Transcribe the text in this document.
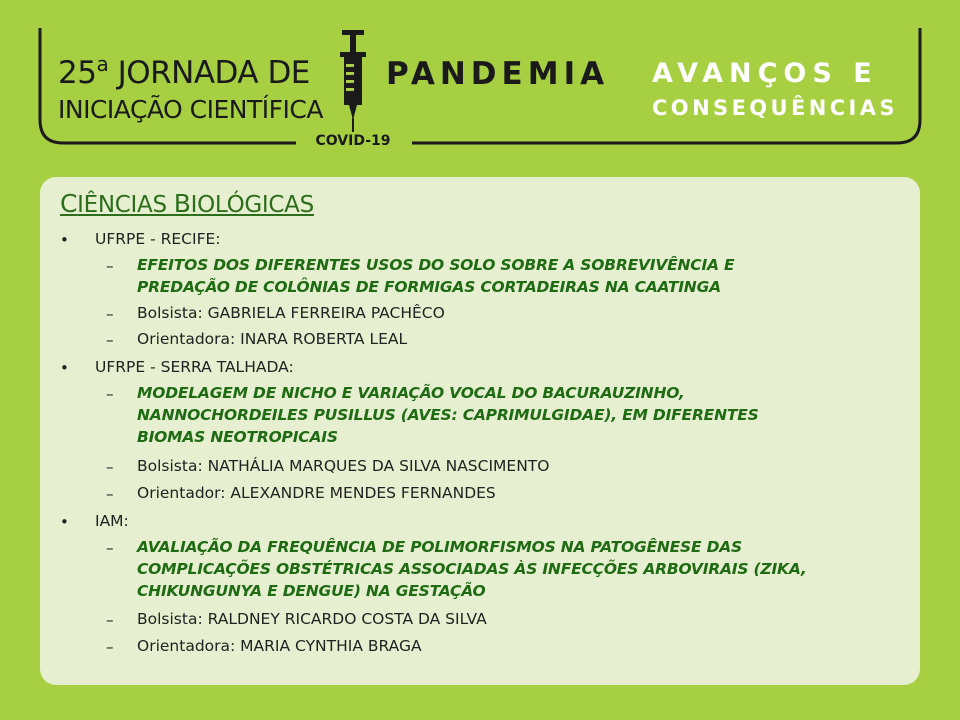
25$^a$ JORNADA DE
INICIAÇÃO CIENTÍFICA
PANDEMIA AVANÇOS E
CONSEQUÊNCIAS
COVID-19
CIÊNCIAS BIOLÓGICAS
• UFRPE - RECIFE:
– EFEITOS DOS DIFERENTES USOS DO SOLO SOBRE A SOBREVIVÊNCIA E
PREDAÇÃO DE COLÔNIAS DE FORMIGAS CORTADEIRAS NA CAATINGA
– Bolsista: GABRIELA FERREIRA PACHÊCO
– Orientadora: INARA ROBERTA LEAL
• UFRPE - SERRA TALHADA:
– MODELAGEM DE NICHO E VARIAÇÃO VOCAL DO BACURAUZINHO,
NANNOCHORDEILES PUSILLUS (AVES: CAPRIMULGIDAE), EM DIFERENTES
BIOMAS NEOTROPICAIS
– Bolsista: NATHÁLIA MARQUES DA SILVA NASCIMENTO
– Orientador: ALEXANDRE MENDES FERNANDES
• IAM:
– AVALIAÇÃO DA FREQUÊNCIA DE POLIMORFISMOS NA PATOGÊNESE DAS
COMPLICAÇÕES OBSTÉTRICAS ASSOCIADAS ÀS INFECÇÕES ARBOVIRAIS (ZIKA,
CHIKUNGUNYA E DENGUE) NA GESTAÇÃO
– Bolsista: RALDNEY RICARDO COSTA DA SILVA
– Orientadora: MARIA CYNTHIA BRAGA
